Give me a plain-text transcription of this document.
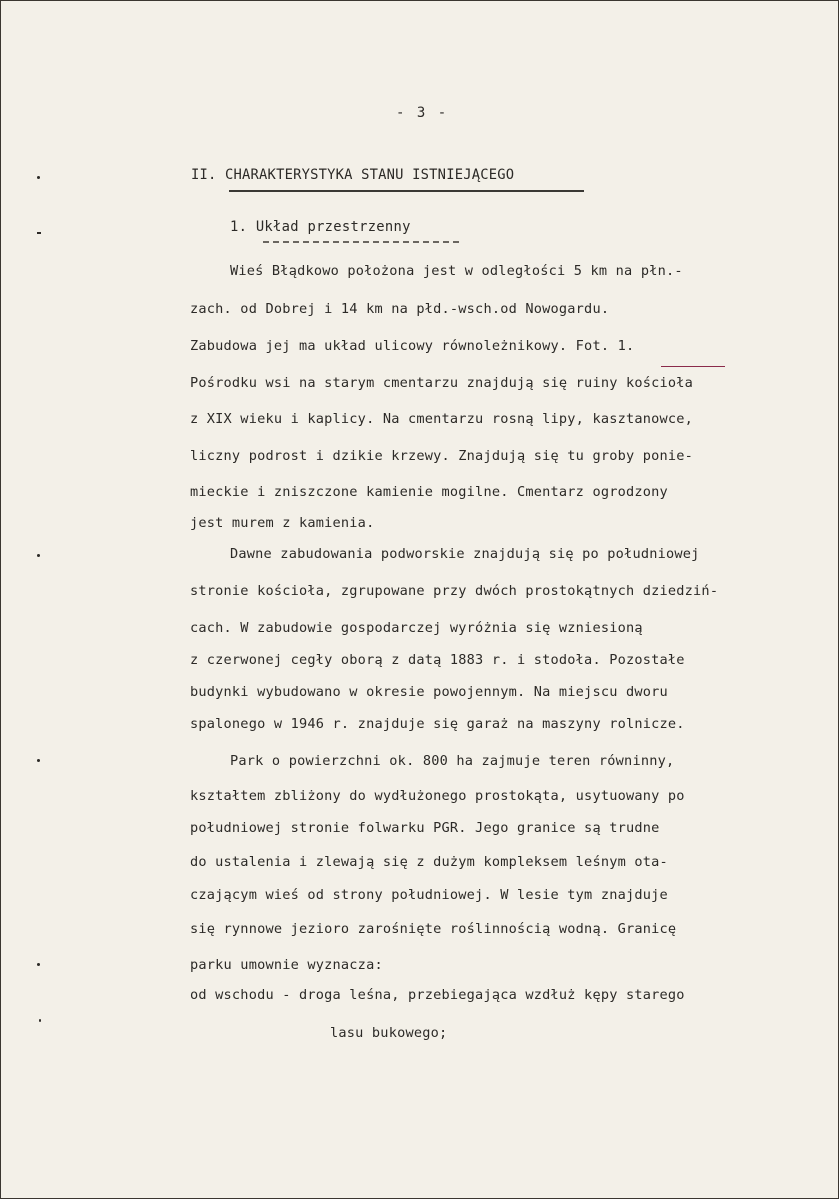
- 3 -
II. CHARAKTERYSTYKA STANU ISTNIEJĄCEGO
1. Układ przestrzenny
Wieś Błądkowo położona jest w odległości 5 km na płn.-
zach. od Dobrej i 14 km na płd.-wsch.od Nowogardu.
Zabudowa jej ma układ ulicowy równoleżnikowy. Fot. 1.
Pośrodku wsi na starym cmentarzu znajdują się ruiny kościoła
z XIX wieku i kaplicy. Na cmentarzu rosną lipy, kasztanowce,
liczny podrost i dzikie krzewy. Znajdują się tu groby ponie-
mieckie i zniszczone kamienie mogilne. Cmentarz ogrodzony
jest murem z kamienia.
Dawne zabudowania podworskie znajdują się po południowej
stronie kościoła, zgrupowane przy dwóch prostokątnych dziedziń-
cach. W zabudowie gospodarczej wyróżnia się wzniesioną
z czerwonej cegły oborą z datą 1883 r. i stodoła. Pozostałe
budynki wybudowano w okresie powojennym. Na miejscu dworu
spalonego w 1946 r. znajduje się garaż na maszyny rolnicze.
Park o powierzchni ok. 800 ha zajmuje teren równinny,
kształtem zbliżony do wydłużonego prostokąta, usytuowany po
południowej stronie folwarku PGR. Jego granice są trudne
do ustalenia i zlewają się z dużym kompleksem leśnym ota-
czającym wieś od strony południowej. W lesie tym znajduje
się rynnowe jezioro zarośnięte roślinnością wodną. Granicę
parku umownie wyznacza:
od wschodu - droga leśna, przebiegająca wzdłuż kępy starego
lasu bukowego;
